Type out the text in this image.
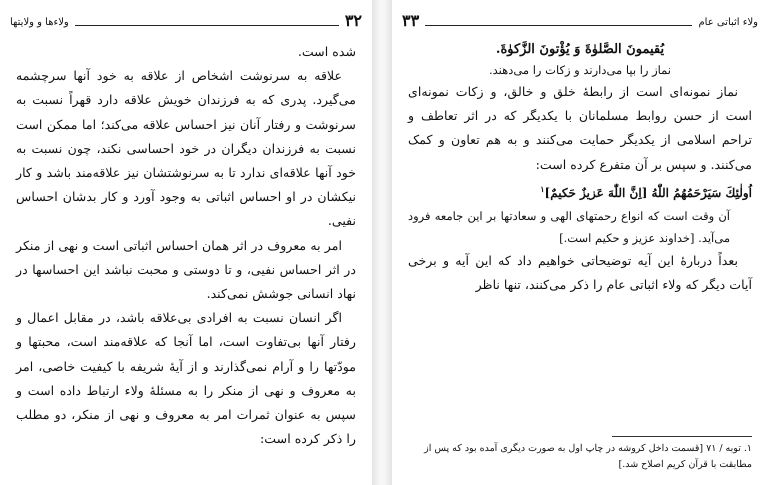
۳۲
ولاءها و ولايتها

شده است.

علاقه به سرنوشت اشخاص از علاقه به خود آنها سرچشمه می‌گیرد. پدری که به فرزندان خویش علاقه دارد قهراً نسبت به سرنوشت و رفتار آنان نیز احساس علاقه می‌کند؛ اما ممکن است نسبت به فرزندان دیگران در خود احساسی نکند، چون نسبت به خود آنها علاقه‌ای ندارد تا به سرنوشتشان نیز علاقه‌مند باشد و کار نیکشان در او احساس اثباتی به وجود آورد و کار بدشان احساس نفیی.

امر به معروف در اثر همان احساس اثباتی است و نهی از منکر در اثر احساس نفیی، و تا دوستی و محبت نباشد این احساسها در نهاد انسانی جوشش نمی‌کند.

اگر انسان نسبت به افرادی بی‌علاقه باشد، در مقابل اعمال و رفتار آنها بی‌تفاوت است، اما آنجا که علاقه‌مند است، محبتها و مودّتها را و آرام نمی‌گذارند و از آیهٔ شریفه با کیفیت خاصی، امر به معروف و نهی از منکر را به مسئلهٔ ولاء ارتباط داده است و سپس به عنوان ثمرات امر به معروف و نهی از منکر، دو مطلب را ذکر کرده است:

ولاء اثباتی عام
۳۳

يُقيمونَ الصَّلوٰةَ وَ يُؤْتونَ الزَّكوٰةَ.

نماز را بپا می‌دارند و زکات را می‌دهند.

نماز نمونه‌ای است از رابطهٔ خلق و خالق، و زکات نمونه‌ای است از حسن روابط مسلمانان با یکدیگر که در اثر تعاطف و تراحم اسلامی از یکدیگر حمایت می‌کنند و به هم تعاون و کمک می‌کنند. و سپس بر آن متفرع کرده است:

اُولٰئِكَ سَيَرْحَمُهُمُ اللّٰهُ [اِنَّ اللّٰهَ عَزيزٌ حَكيمٌ]$^١$

آن وقت است که انواع رحمتهای الهی و سعادتها بر این جامعه فرود می‌آید. [خداوند عزیز و حکیم است.]

بعداً دربارهٔ این آیه توضیحاتی خواهیم داد که این آیه و برخی آیات دیگر که ولاء اثباتی عام را ذکر می‌کنند، تنها ناظر

١. توبه / ٧١ [قسمت داخل کروشه در چاپ اول به صورت دیگری آمده بود که پس از مطابقت با قرآن کریم اصلاح شد.]
